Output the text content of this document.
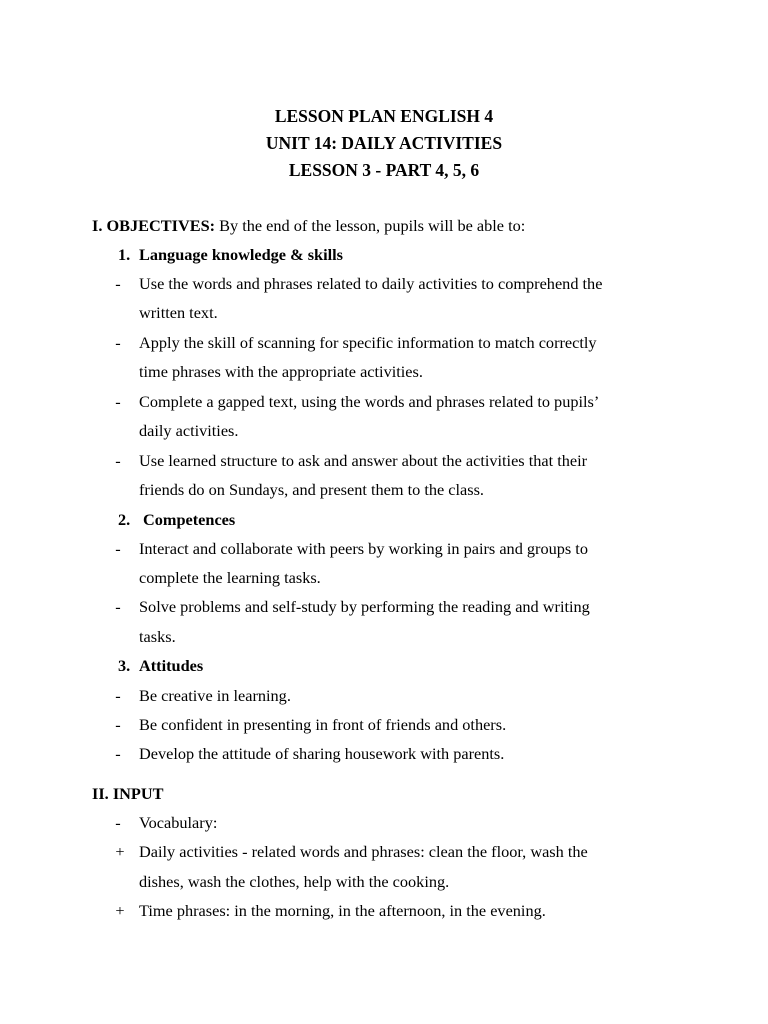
LESSON PLAN ENGLISH 4
UNIT 14: DAILY ACTIVITIES
LESSON 3 - PART 4, 5, 6
I. OBJECTIVES: By the end of the lesson, pupils will be able to:
1. Language knowledge & skills
-	Use the words and phrases related to daily activities to comprehend the
written text.
-	Apply the skill of scanning for specific information to match correctly
time phrases with the appropriate activities.
-	Complete a gapped text, using the words and phrases related to pupils’
daily activities.
-	Use learned structure to ask and answer about the activities that their
friends do on Sundays, and present them to the class.
2. Competences
-	Interact and collaborate with peers by working in pairs and groups to
complete the learning tasks.
-	Solve problems and self-study by performing the reading and writing
tasks.
3. Attitudes
-	Be creative in learning.
-	Be confident in presenting in front of friends and others.
-	Develop the attitude of sharing housework with parents.
II. INPUT
-	Vocabulary:
+ Daily activities - related words and phrases: clean the floor, wash the
dishes, wash the clothes, help with the cooking.
+ Time phrases: in the morning, in the afternoon, in the evening.
